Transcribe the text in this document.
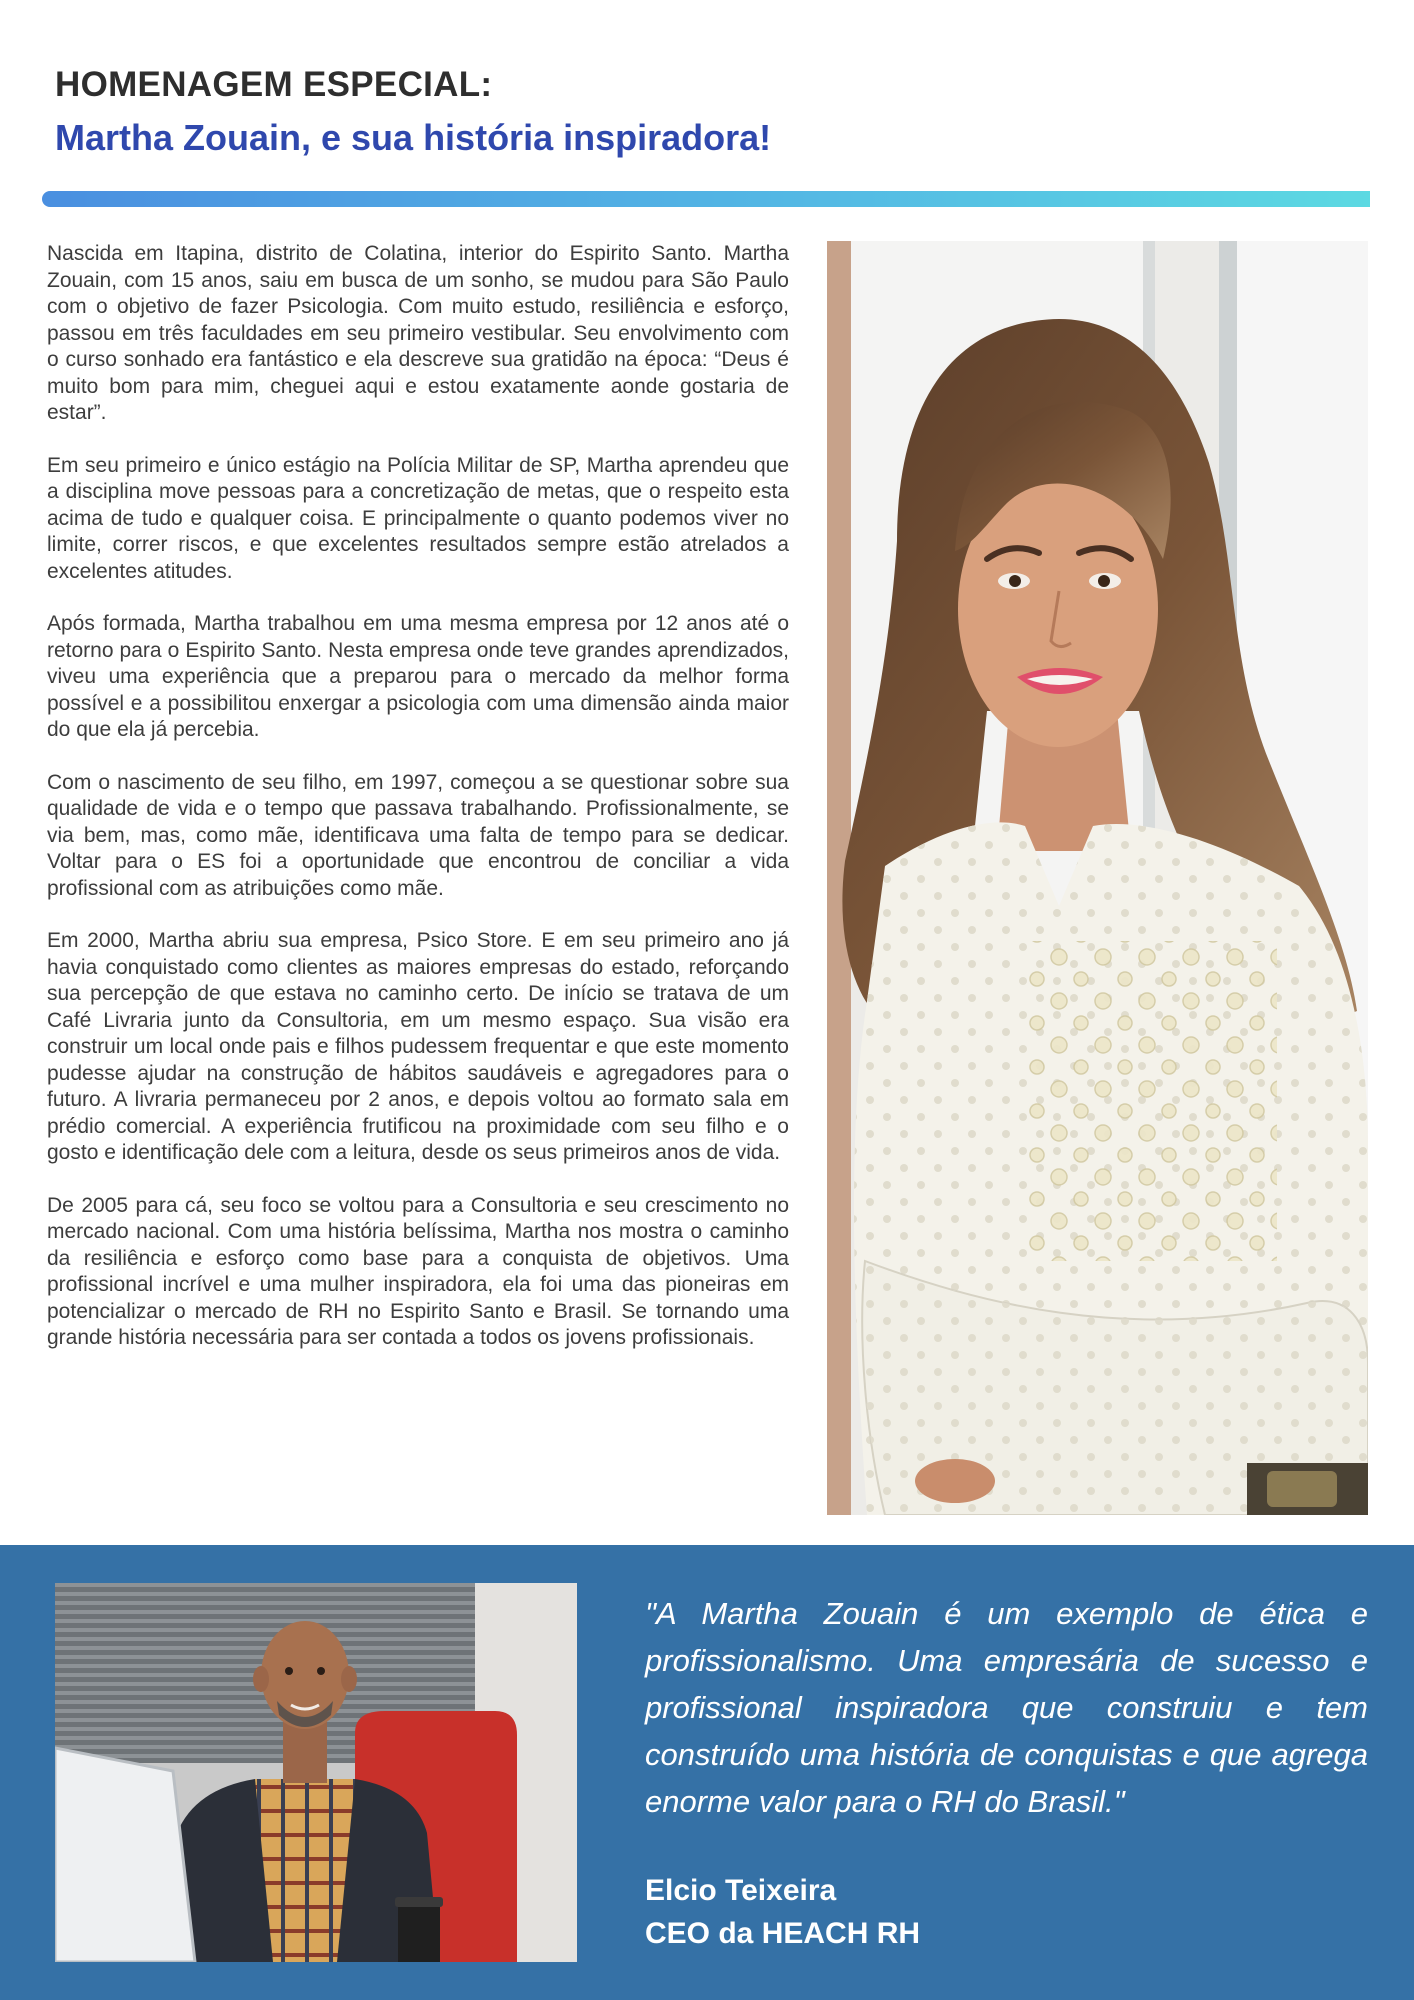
HOMENAGEM ESPECIAL:
Martha Zouain, e sua história inspiradora!

Nascida em Itapina, distrito de Colatina, interior do Espirito Santo. Martha Zouain, com 15 anos, saiu em busca de um sonho, se mudou para São Paulo com o objetivo de fazer Psicologia. Com muito estudo, resiliência e esforço, passou em três faculdades em seu primeiro vestibular. Seu envolvimento com o curso sonhado era fantástico e ela descreve sua gratidão na época: “Deus é muito bom para mim, cheguei aqui e estou exatamente aonde gostaria de estar”.

Em seu primeiro e único estágio na Polícia Militar de SP, Martha aprendeu que a disciplina move pessoas para a concretização de metas, que o respeito esta acima de tudo e qualquer coisa. E principalmente o quanto podemos viver no limite, correr riscos, e que excelentes resultados sempre estão atrelados a excelentes atitudes.

Após formada, Martha trabalhou em uma mesma empresa por 12 anos até o retorno para o Espirito Santo. Nesta empresa onde teve grandes aprendizados, viveu uma experiência que a preparou para o mercado da melhor forma possível e a possibilitou enxergar a psicologia com uma dimensão ainda maior do que ela já percebia.

Com o nascimento de seu filho, em 1997, começou a se questionar sobre sua qualidade de vida e o tempo que passava trabalhando. Profissionalmente, se via bem, mas, como mãe, identificava uma falta de tempo para se dedicar. Voltar para o ES foi a oportunidade que encontrou de conciliar a vida profissional com as atribuições como mãe.

Em 2000, Martha abriu sua empresa, Psico Store. E em seu primeiro ano já havia conquistado como clientes as maiores empresas do estado, reforçando sua percepção de que estava no caminho certo. De início se tratava de um Café Livraria junto da Consultoria, em um mesmo espaço. Sua visão era construir um local onde pais e filhos pudessem frequentar e que este momento pudesse ajudar na construção de hábitos saudáveis e agregadores para o futuro. A livraria permaneceu por 2 anos, e depois voltou ao formato sala em prédio comercial. A experiência frutificou na proximidade com seu filho e o gosto e identificação dele com a leitura, desde os seus primeiros anos de vida.

De 2005 para cá, seu foco se voltou para a Consultoria e seu crescimento no mercado nacional. Com uma história belíssima, Martha nos mostra o caminho da resiliência e esforço como base para a conquista de objetivos. Uma profissional incrível e uma mulher inspiradora, ela foi uma das pioneiras em potencializar o mercado de RH no Espirito Santo e Brasil. Se tornando uma grande história necessária para ser contada a todos os jovens profissionais.

"A Martha Zouain é um exemplo de ética e profissionalismo. Uma empresária de sucesso e profissional inspiradora que construiu e tem construído uma história de conquistas e que agrega enorme valor para o RH do Brasil."

Elcio Teixeira
CEO da HEACH RH
